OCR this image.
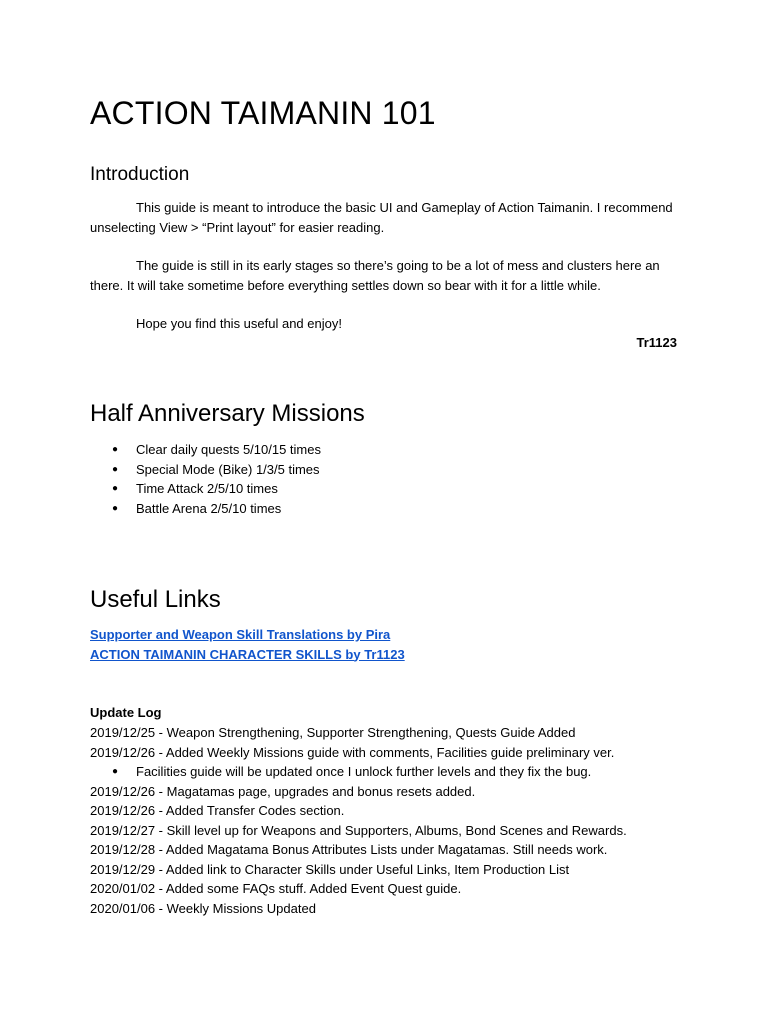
ACTION TAIMANIN 101
Introduction

This guide is meant to introduce the basic UI and Gameplay of Action Taimanin. I recommend unselecting View > “Print layout” for easier reading.

The guide is still in its early stages so there’s going to be a lot of mess and clusters here an there. It will take sometime before everything settles down so bear with it for a little while.

Hope you find this useful and enjoy!

Tr1123
Half Anniversary Missions
● Clear daily quests 5/10/15 times
● Special Mode (Bike) 1/3/5 times
● Time Attack 2/5/10 times
● Battle Arena 2/5/10 times
Useful Links
Supporter and Weapon Skill Translations by Pira
ACTION TAIMANIN CHARACTER SKILLS by Tr1123
Update Log
2019/12/25 - Weapon Strengthening, Supporter Strengthening, Quests Guide Added
2019/12/26 - Added Weekly Missions guide with comments, Facilities guide preliminary ver.
● Facilities guide will be updated once I unlock further levels and they fix the bug.
2019/12/26 - Magatamas page, upgrades and bonus resets added.
2019/12/26 - Added Transfer Codes section.
2019/12/27 - Skill level up for Weapons and Supporters, Albums, Bond Scenes and Rewards.
2019/12/28 - Added Magatama Bonus Attributes Lists under Magatamas. Still needs work.
2019/12/29 - Added link to Character Skills under Useful Links, Item Production List
2020/01/02 - Added some FAQs stuff. Added Event Quest guide.
2020/01/06 - Weekly Missions Updated
